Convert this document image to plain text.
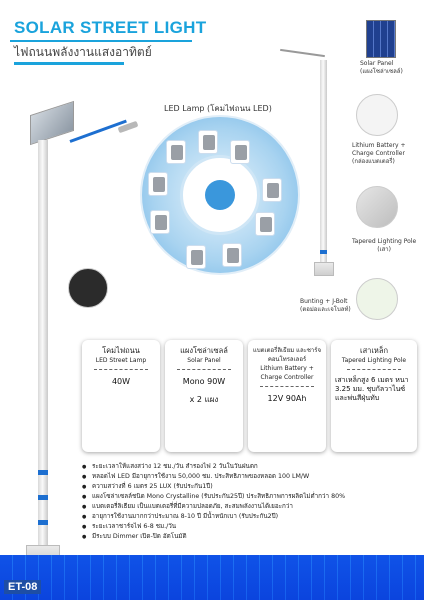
SOLAR STREET LIGHT
ไฟถนนพลังงานแสงอาทิตย์
LED Lamp (โคมไฟถนน LED)
Solar Panel
(แผงโซล่าเซลล์)
Lithium Battery +
Charge Controller
(กล่องแบตเตอรี่)
Tapered Lighting Pole
(เสา)
Bunting + J-Bolt
(ตอม่อและเจโบลท์)
โคมไฟถนน
LED Street Lamp
40W
แผงโซล่าเซลล์
Solar Panel
Mono 90W
x 2 แผง
แบตเตอรี่ลิเธียม และชาร์จคอนโทรลเลอร์
Lithium Battery +
Charge Controller
12V 90Ah
เสาเหล็ก
Tapered Lighting Pole
เสาเหล็กสูง 6 เมตร หนา 3.25 มม. ชุบกัลวาไนซ์ และพ่นสีฝุ่นทับ
● ระยะเวลาให้แสงสว่าง 12 ชม./วัน สำรองไฟ 2 วันในวันฝนตก
● หลอดไฟ LED มีอายุการใช้งาน 50,000 ชม. ประสิทธิภาพของหลอด 100 LM/W
● ความสว่างที่ 6 เมตร 25 LUX (รับประกัน1ปี)
● แผงโซล่าเซลล์ชนิด Mono Crystalline (รับประกัน25ปี) ประสิทธิภาพการผลิตไม่ต่ำกว่า 80%
● แบตเตอรี่ลิเธียม เป็นแบตเตอรี่ที่มีความปลอดภัย, สะสมพลังงานได้เยอะกว่า
● อายุการใช้งานมากกว่าประมาณ 8-10 ปี มีน้ำหนักเบา (รับประกัน2ปี)
● ระยะเวลาชาร์จไฟ 6-8 ชม./วัน
● มีระบบ Dimmer เปิด-ปิด อัตโนมัติ
ET-08
